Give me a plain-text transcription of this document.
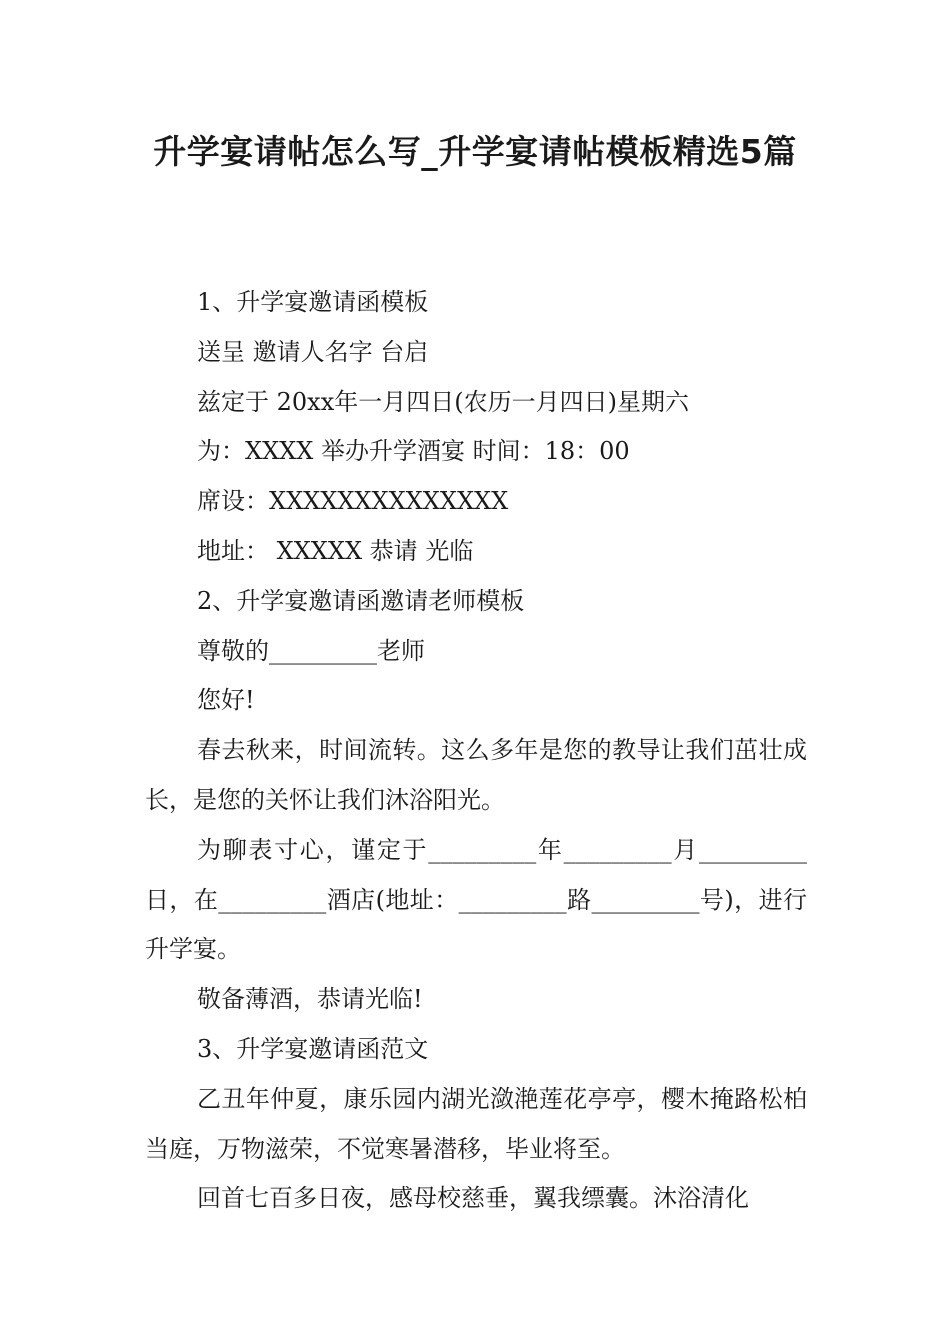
升学宴请帖怎么写_升学宴请帖模板精选5篇

1、升学宴邀请函模板

送呈 邀请人名字 台启

兹定于 20xx年一月四日(农历一月四日)星期六

为：XXXX 举办升学酒宴 时间：18：00

席设：XXXXXXXXXXXXXX

地址： XXXXX 恭请 光临

2、升学宴邀请函邀请老师模板

尊敬的_________老师

您好!

春去秋来，时间流转。这么多年是您的教导让我们茁壮成长，是您的关怀让我们沐浴阳光。

为聊表寸心，谨定于_________年_________月_________日，在_________酒店(地址：_________路_________号)，进行升学宴。

敬备薄酒，恭请光临!

3、升学宴邀请函范文

乙丑年仲夏，康乐园内湖光潋滟莲花亭亭，樱木掩路松柏当庭，万物滋荣，不觉寒暑潜移，毕业将至。

回首七百多日夜，感母校慈垂，翼我缥囊。沐浴清化
